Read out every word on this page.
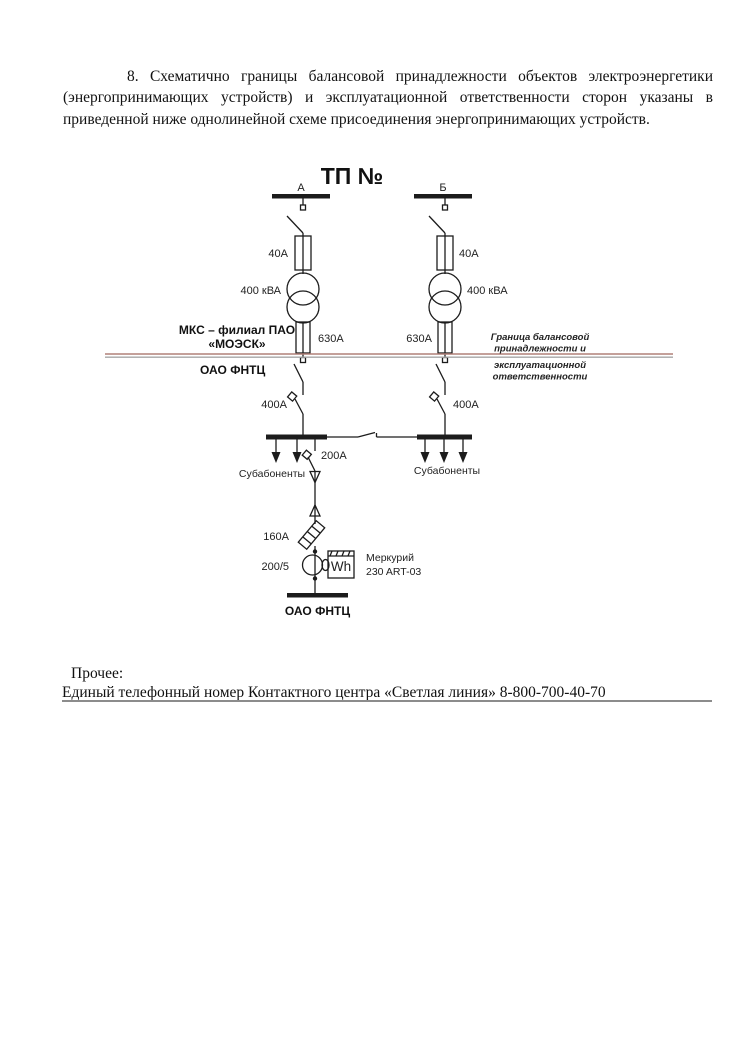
8. Схематично границы балансовой принадлежности объектов электроэнергетики (энергопринимающих устройств) и эксплуатационной ответственности сторон указаны в приведенной ниже однолинейной схеме присоединения энергопринимающих устройств.
ТП №
А
40А
400 кВА
630А
400А
Б
40А
400 кВА
630А
400А
МКС – филиал ПАО
«МОЭСК»
ОАО ФНТЦ
Граница балансовой
принадлежности и
эксплуатационной
ответственности
Субабоненты	Субабоненты
200А
160А
200/5	Wh
Меркурий
230 ART-03
ОАО ФНТЦ
Прочее:
Единый телефонный номер Контактного центра «Светлая линия» 8-800-700-40-70
